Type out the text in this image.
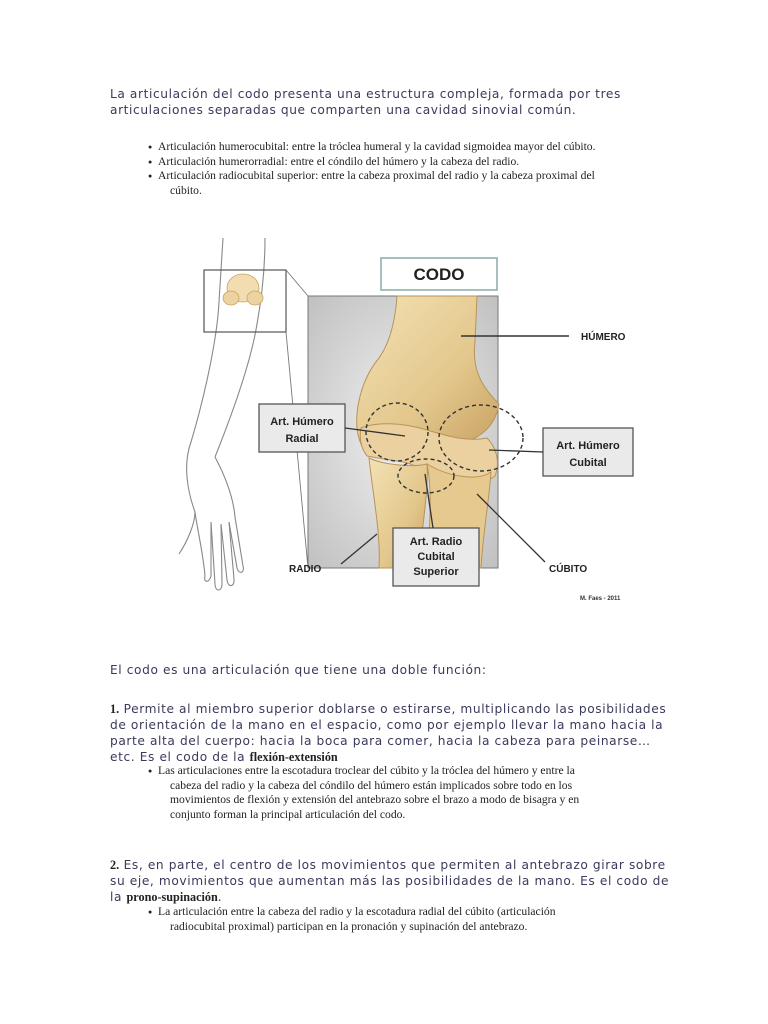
La articulación del codo presenta una estructura compleja, formada por tres
articulaciones separadas que comparten una cavidad sinovial común.

● Articulación humerocubital: entre la tróclea humeral y la cavidad sigmoidea mayor del cúbito.
● Articulación humerorradial: entre el cóndilo del húmero y la cabeza del radio.
● Articulación radiocubital superior: entre la cabeza proximal del radio y la cabeza proximal del
cúbito.
CODO
HÚMERO
Art. Húmero
Radial
Art. Húmero
Cubital
Art. Radio
Cubital
Superior
RADIO	CÚBITO
M. Faes - 2011

El codo es una articulación que tiene una doble función:

1. Permite al miembro superior doblarse o estirarse, multiplicando las posibilidades
de orientación de la mano en el espacio, como por ejemplo llevar la mano hacia la
parte alta del cuerpo: hacia la boca para comer, hacia la cabeza para peinarse…
etc. Es el codo de la flexión-extensión

● Las articulaciones entre la escotadura troclear del cúbito y la tróclea del húmero y entre la
cabeza del radio y la cabeza del cóndilo del húmero están implicados sobre todo en los
movimientos de flexión y extensión del antebrazo sobre el brazo a modo de bisagra y en
conjunto forman la principal articulación del codo.

2. Es, en parte, el centro de los movimientos que permiten al antebrazo girar sobre
su eje, movimientos que aumentan más las posibilidades de la mano. Es el codo de
la prono-supinación.

● La articulación entre la cabeza del radio y la escotadura radial del cúbito (articulación
radiocubital proximal) participan en la pronación y supinación del antebrazo.
